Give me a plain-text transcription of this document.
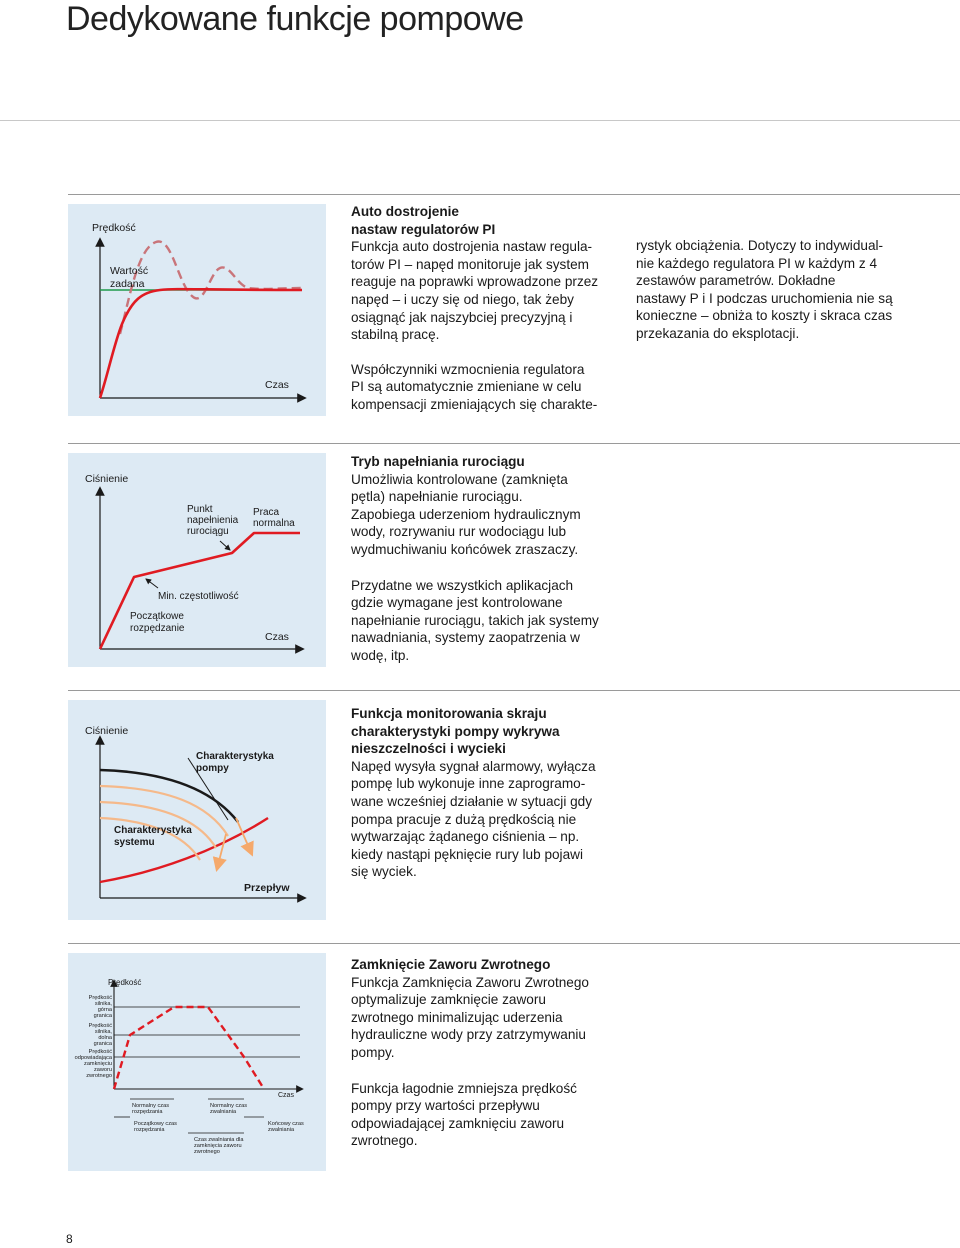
Dedykowane funkcje pompowe
Prędkość
Wartość
zadana
Czas
Auto dostrojenie
nastaw regulatorów PI

Funkcja auto dostrojenia nastaw regula-
torów PI – napęd monitoruje jak system
reaguje na poprawki wprowadzone przez
napęd – i uczy się od niego, tak żeby
osiągnąć jak najszybciej precyzyjną i
stabilną pracę.

Współczynniki wzmocnienia regulatora
PI są automatycznie zmieniane w celu
kompensacji zmieniających się charakte-

rystyk obciążenia. Dotyczy to indywidual-
nie każdego regulatora PI w każdym z 4
zestawów parametrów. Dokładne
nastawy P i I podczas uruchomienia nie są
konieczne – obniża to koszty i skraca czas
przekazania do eksplotacji.
Ciśnienie
Punkt
napełnienia
rurociągu
Praca
normalna
Min. częstotliwość
Początkowe
rozpędzanie
Czas
Tryb napełniania rurociągu
Umożliwia kontrolowane (zamknięta
pętla) napełnianie rurociągu.
Zapobiega uderzeniom hydraulicznym
wody, rozrywaniu rur wodociągu lub
wydmuchiwaniu końcówek zraszaczy.
Przydatne we wszystkich aplikacjach
gdzie wymagane jest kontrolowane
napełnianie rurociągu, takich jak systemy
nawadniania, systemy zaopatrzenia w
wodę, itp.
Ciśnienie
Charakterystyka
pompy
Charakterystyka
systemu
Przepływ
Funkcja monitorowania skraju
charakterystyki pompy wykrywa
nieszczelności i wycieki
Napęd wysyła sygnał alarmowy, wyłącza
pompę lub wykonuje inne zaprogramo-
wane wcześniej działanie w sytuacji gdy
pompa pracuje z dużą prędkością nie
wytwarzając żądanego ciśnienia – np.
kiedy nastąpi pęknięcie rury lub pojawi
się wyciek.
Prędkość
Prędkość
silnika,
górna
granica
Prędkość
silnika,
dolna
granica
Prędkość
odpowiadająca
zamknięciu
zaworu
zwrotnego
Czas
Normalny czas
rozpędzania
Normalny czas
zwalniania
Początkowy czas
rozpędzania
Końcowy czas
zwalniania
Czas zwalniania dla
zamknięcia zaworu
zwrotnego
Zamknięcie Zaworu Zwrotnego
Funkcja Zamknięcia Zaworu Zwrotnego
optymalizuje zamknięcie zaworu
zwrotnego minimalizując uderzenia
hydrauliczne wody przy zatrzymywaniu
pompy.
Funkcja łagodnie zmniejsza prędkość
pompy przy wartości przepływu
odpowiadającej zamknięciu zaworu
zwrotnego.
8
